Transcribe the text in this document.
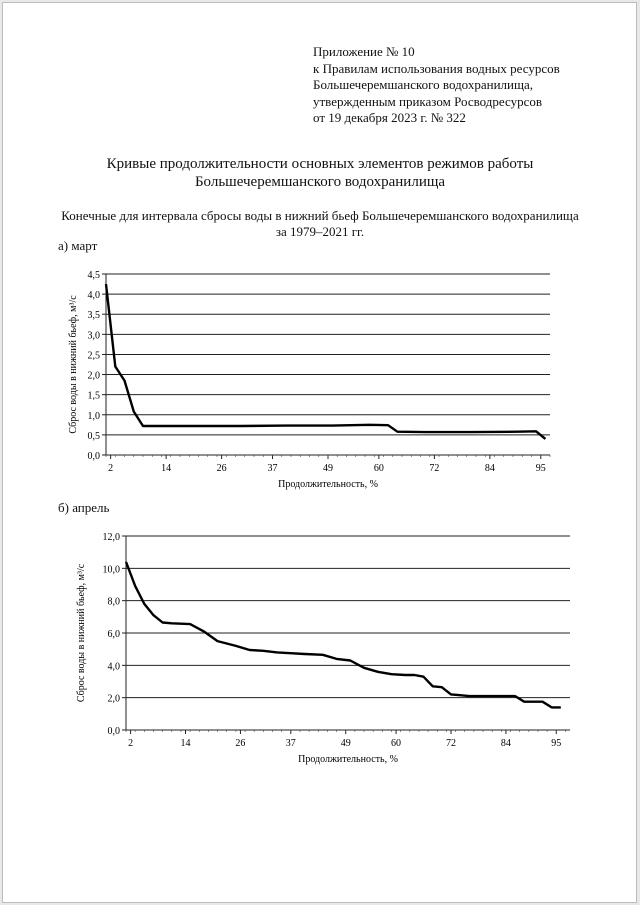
Приложение № 10
к Правилам использования водных ресурсов
Большечеремшанского водохранилища,
утвержденным приказом Росводресурсов
от 19 декабря 2023 г. № 322
Кривые продолжительности основных элементов режимов работы
Большечеремшанского водохранилища
Конечные для интервала сбросы воды в нижний бьеф Большечеремшанского водохранилища
за 1979–2021 гг.
а) март
б) апрель
0,0
0,5
1,0
1,5
2,0
2,5
3,0
3,5
4,0
4,5
2	14	26	37	49	60	72	84	95
Продолжительность, %
Сброс воды в нижний бьеф, м³/с
0,0
2,0
4,0
6,0
8,0
10,0
12,0
2	14	26	37	49	60	72	84	95
Продолжительность, %
Сброс воды в нижний бьеф, м³/с
